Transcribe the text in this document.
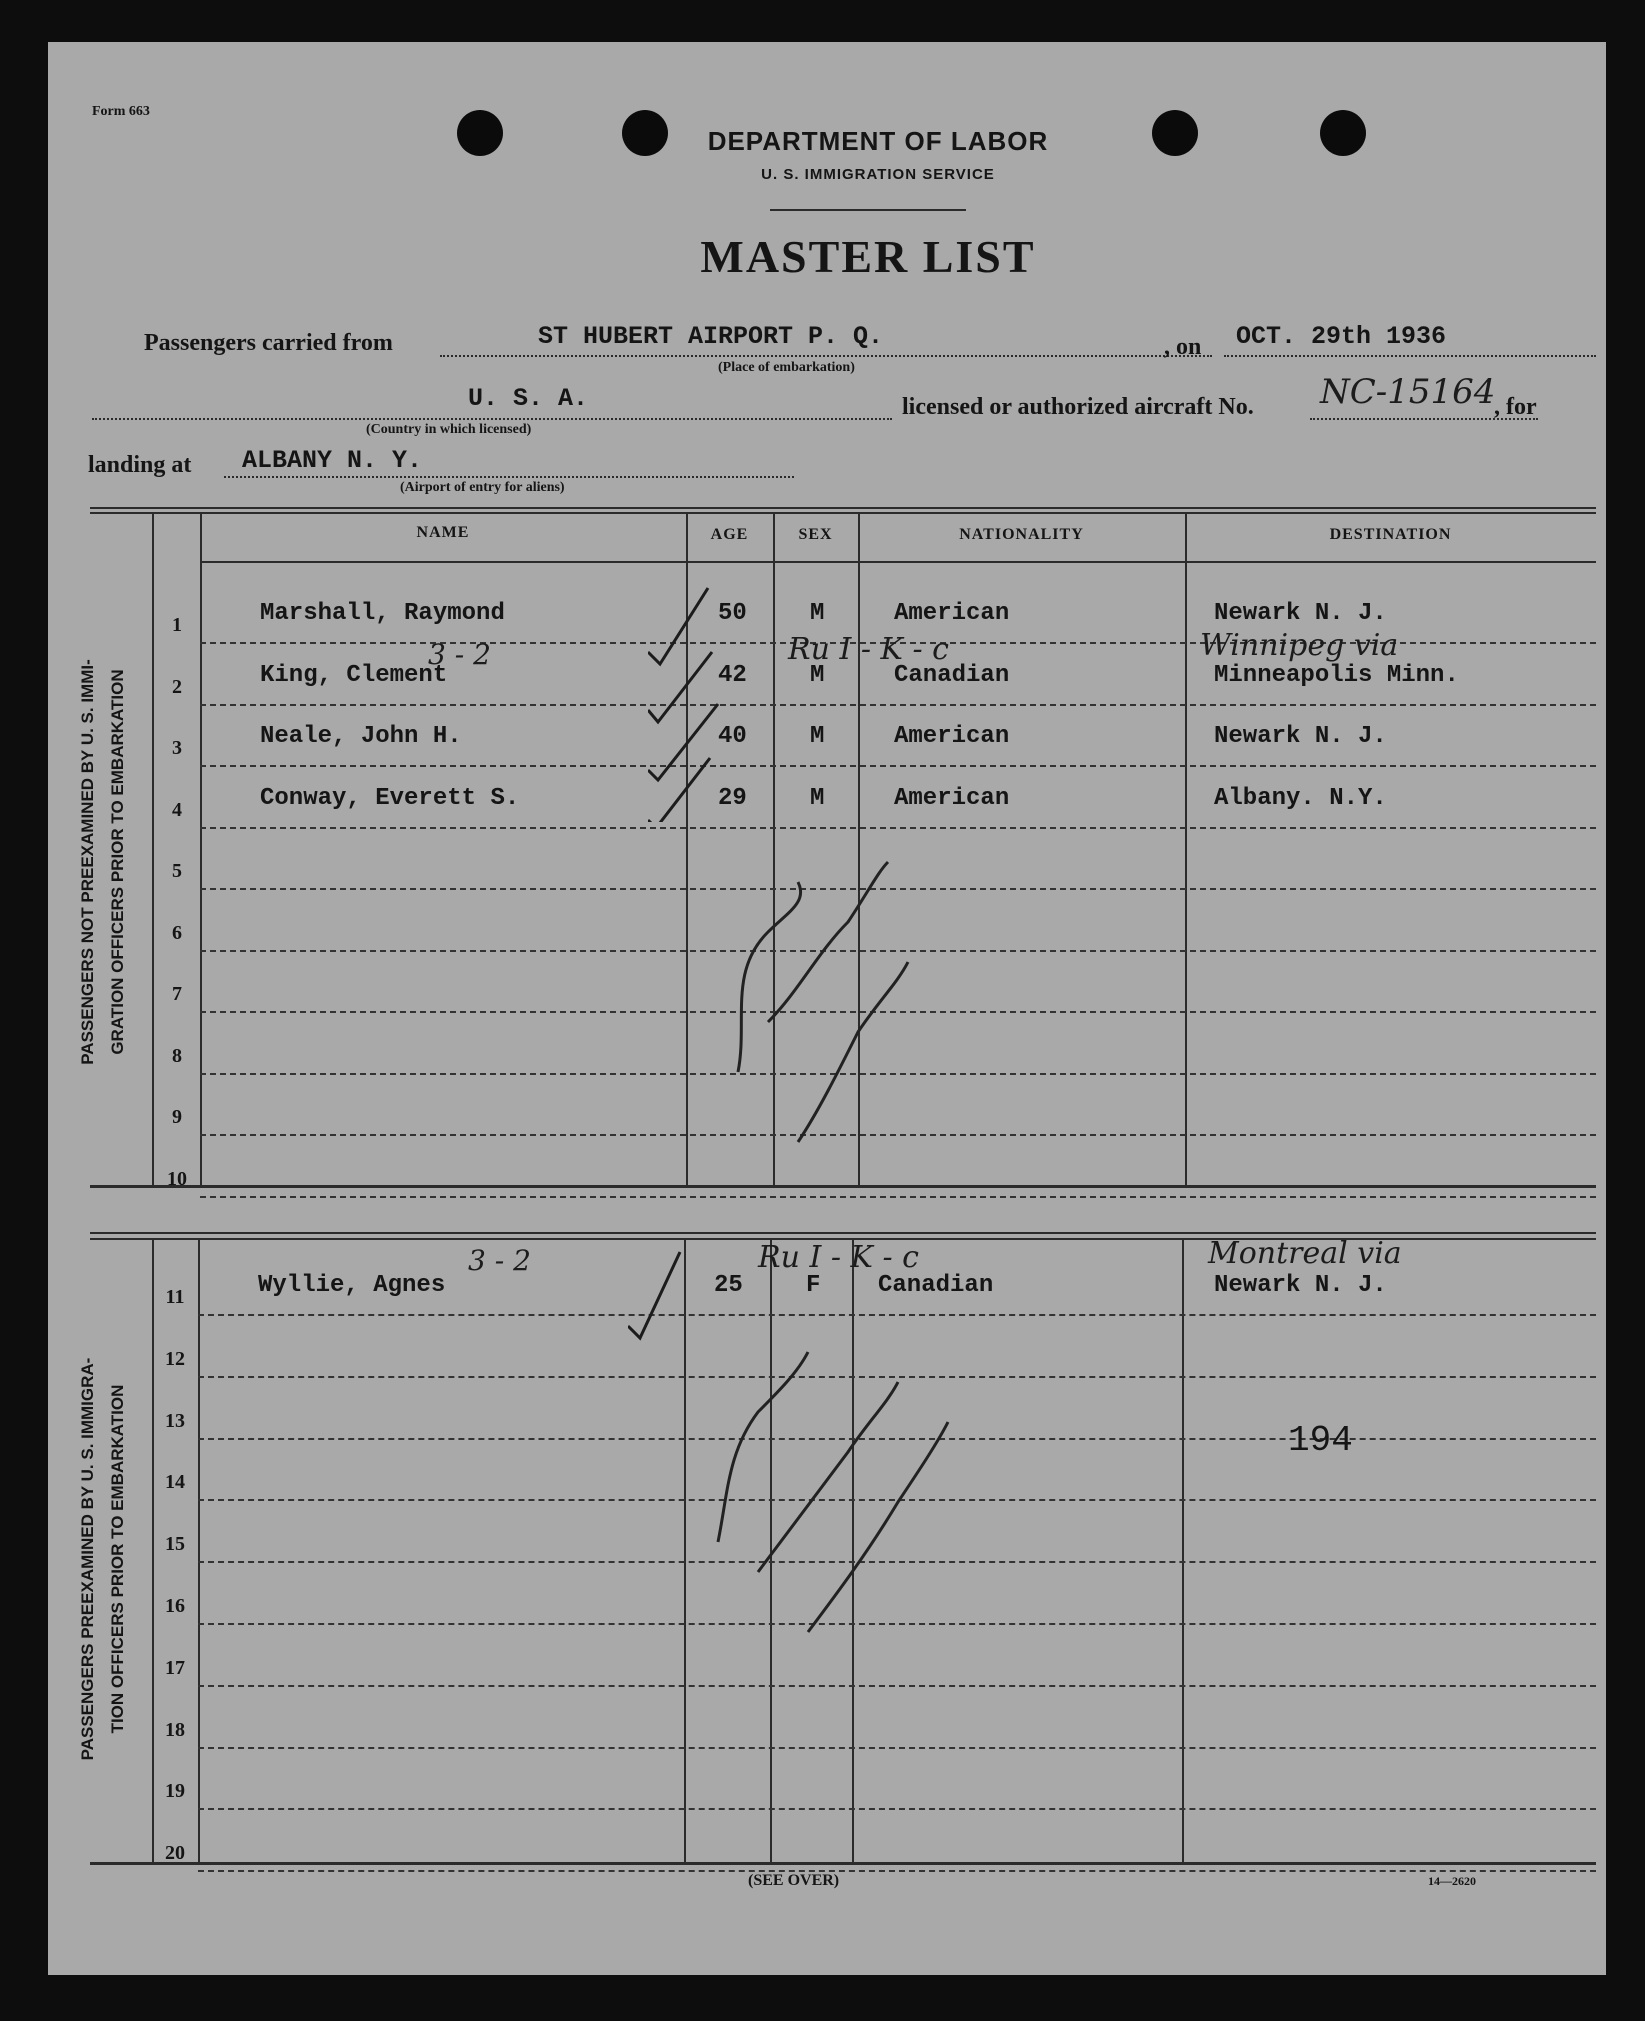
Form 663
DEPARTMENT OF LABOR
U. S. IMMIGRATION SERVICE
MASTER LIST
Passengers carried from	ST HUBERT AIRPORT P. Q.
(Place of embarkation)
, on OCT. 29th 1936
U. S. A.
(Country in which licensed)
licensed or authorized aircraft No. NC-15164
, for
landing at ALBANY N. Y.
(Airport of entry for aliens)
NAME	AGE	SEX	NATIONALITY	DESTINATION
PASSENGERS NOT PREEXAMINED BY U. S. IMMI-
GRATION OFFICERS PRIOR TO EMBARKATION
1	Marshall, Raymond	50	M	American	Newark N. J.
2	King, Clement	42	M	Canadian	Minneapolis Minn.
3	Neale, John H.	40	M	American	Newark N. J.
4	Conway, Everett S.	29	M	American	Albany. N.Y.
5
6
7
8
9
10
PASSENGERS PREEXAMINED BY U. S. IMMIGRA-
TION OFFICERS PRIOR TO EMBARKATION
11	Wyllie, Agnes	25	F Canadian	Newark N. J.
12
13
14
15
16
17
18
19
20
3 - 2	Ru I - K - c	Winnipeg via
3 - 2	Ru I - K - c	Montreal via
194
(SEE OVER)	14—2620
